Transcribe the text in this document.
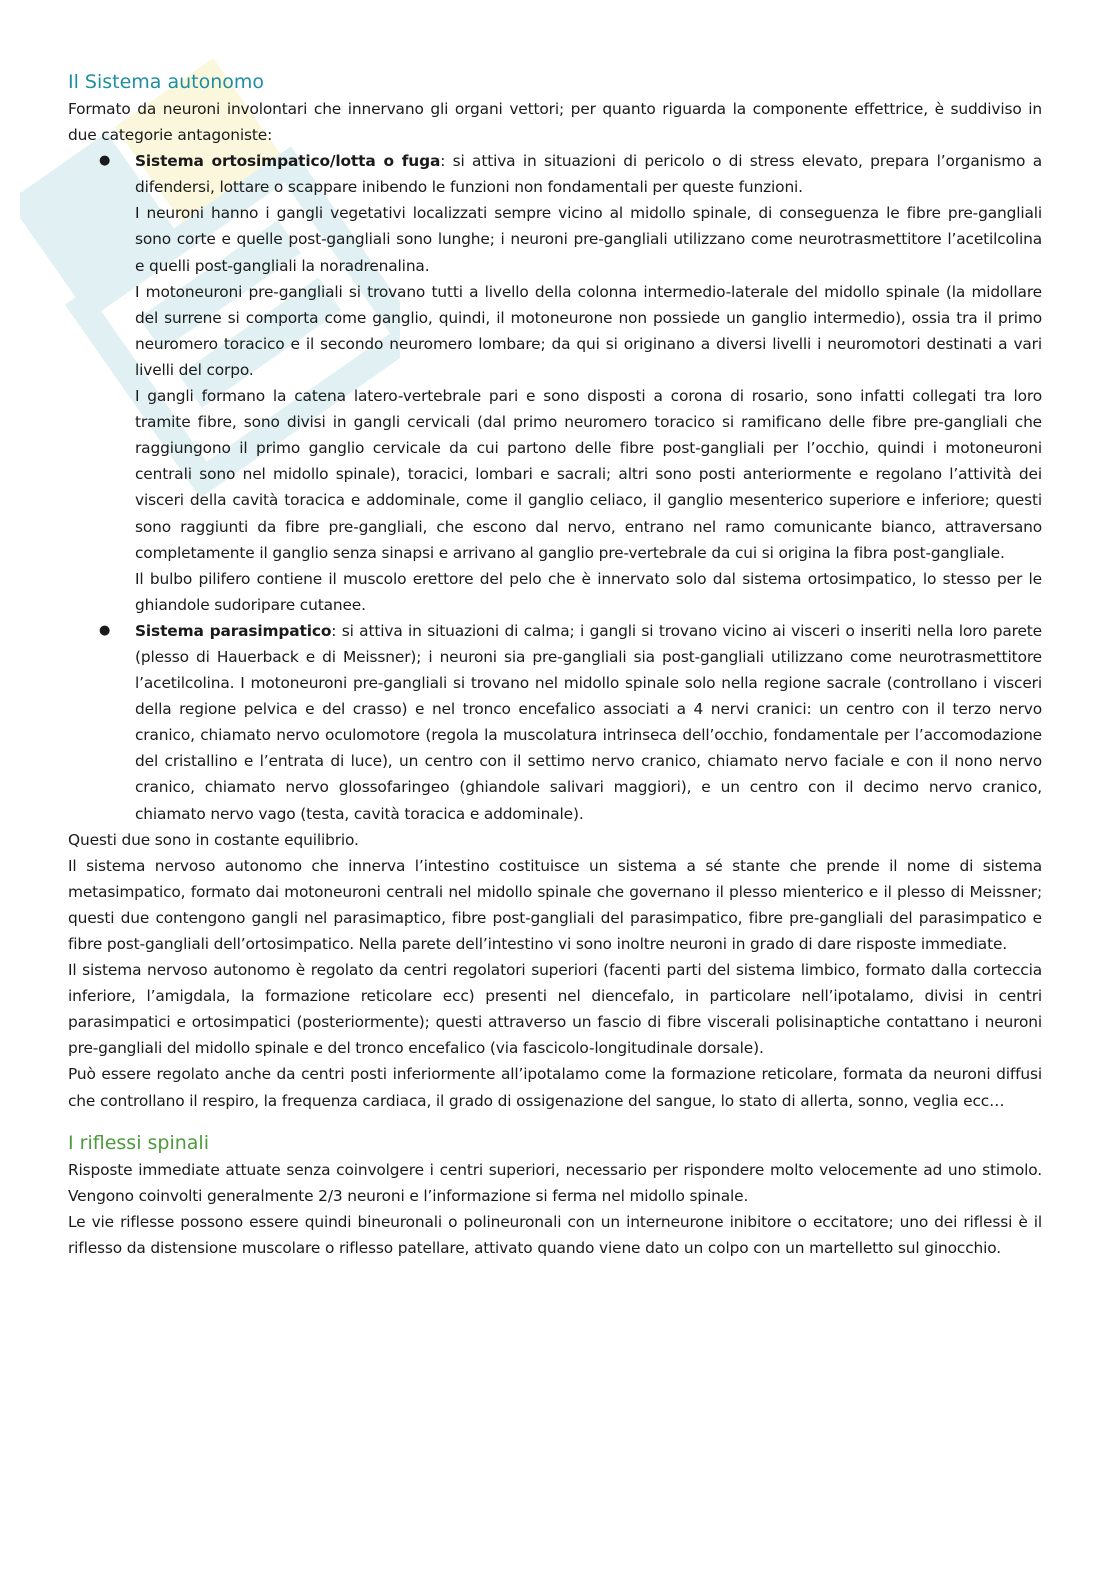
Il Sistema autonomo

Formato da neuroni involontari che innervano gli organi vettori; per quanto riguarda la componente effettrice, è suddiviso in due categorie antagoniste:

● Sistema ortosimpatico/lotta o fuga: si attiva in situazioni di pericolo o di stress elevato, prepara l’organismo a difendersi, lottare o scappare inibendo le funzioni non fondamentali per queste funzioni.

I neuroni hanno i gangli vegetativi localizzati sempre vicino al midollo spinale, di conseguenza le fibre pre-gangliali sono corte e quelle post-gangliali sono lunghe; i neuroni pre-gangliali utilizzano come neurotrasmettitore l’acetilcolina e quelli post-gangliali la noradrenalina.

I motoneuroni pre-gangliali si trovano tutti a livello della colonna intermedio-laterale del midollo spinale (la midollare del surrene si comporta come ganglio, quindi, il motoneurone non possiede un ganglio intermedio), ossia tra il primo neuromero toracico e il secondo neuromero lombare; da qui si originano a diversi livelli i neuromotori destinati a vari livelli del corpo.

I gangli formano la catena latero-vertebrale pari e sono disposti a corona di rosario, sono infatti collegati tra loro tramite fibre, sono divisi in gangli cervicali (dal primo neuromero toracico si ramificano delle fibre pre-gangliali che raggiungono il primo ganglio cervicale da cui partono delle fibre post-gangliali per l’occhio, quindi i motoneuroni centrali sono nel midollo spinale), toracici, lombari e sacrali; altri sono posti anteriormente e regolano l’attività dei visceri della cavità toracica e addominale, come il ganglio celiaco, il ganglio mesenterico superiore e inferiore; questi sono raggiunti da fibre pre-gangliali, che escono dal nervo, entrano nel ramo comunicante bianco, attraversano completamente il ganglio senza sinapsi e arrivano al ganglio pre-vertebrale da cui si origina la fibra post-gangliale.

Il bulbo pilifero contiene il muscolo erettore del pelo che è innervato solo dal sistema ortosimpatico, lo stesso per le ghiandole sudoripare cutanee.

● Sistema parasimpatico: si attiva in situazioni di calma; i gangli si trovano vicino ai visceri o inseriti nella loro parete (plesso di Hauerback e di Meissner); i neuroni sia pre-gangliali sia post-gangliali utilizzano come neurotrasmettitore l’acetilcolina. I motoneuroni pre-gangliali si trovano nel midollo spinale solo nella regione sacrale (controllano i visceri della regione pelvica e del crasso) e nel tronco encefalico associati a 4 nervi cranici: un centro con il terzo nervo cranico, chiamato nervo oculomotore (regola la muscolatura intrinseca dell’occhio, fondamentale per l’accomodazione del cristallino e l’entrata di luce), un centro con il settimo nervo cranico, chiamato nervo faciale e con il nono nervo cranico, chiamato nervo glossofaringeo (ghiandole salivari maggiori), e un centro con il decimo nervo cranico, chiamato nervo vago (testa, cavità toracica e addominale).

Questi due sono in costante equilibrio.

Il sistema nervoso autonomo che innerva l’intestino costituisce un sistema a sé stante che prende il nome di sistema metasimpatico, formato dai motoneuroni centrali nel midollo spinale che governano il plesso mienterico e il plesso di Meissner; questi due contengono gangli nel parasimaptico, fibre post-gangliali del parasimpatico, fibre pre-gangliali del parasimpatico e fibre post-gangliali dell’ortosimpatico. Nella parete dell’intestino vi sono inoltre neuroni in grado di dare risposte immediate.

Il sistema nervoso autonomo è regolato da centri regolatori superiori (facenti parti del sistema limbico, formato dalla corteccia inferiore, l’amigdala, la formazione reticolare ecc) presenti nel diencefalo, in particolare nell’ipotalamo, divisi in centri parasimpatici e ortosimpatici (posteriormente); questi attraverso un fascio di fibre viscerali polisinaptiche contattano i neuroni pre-gangliali del midollo spinale e del tronco encefalico (via fascicolo-longitudinale dorsale).

Può essere regolato anche da centri posti inferiormente all’ipotalamo come la formazione reticolare, formata da neuroni diffusi che controllano il respiro, la frequenza cardiaca, il grado di ossigenazione del sangue, lo stato di allerta, sonno, veglia ecc…

I riflessi spinali

Risposte immediate attuate senza coinvolgere i centri superiori, necessario per rispondere molto velocemente ad uno stimolo. Vengono coinvolti generalmente 2/3 neuroni e l’informazione si ferma nel midollo spinale.

Le vie riflesse possono essere quindi bineuronali o polineuronali con un interneurone inibitore o eccitatore; uno dei riflessi è il riflesso da distensione muscolare o riflesso patellare, attivato quando viene dato un colpo con un martelletto sul ginocchio.
